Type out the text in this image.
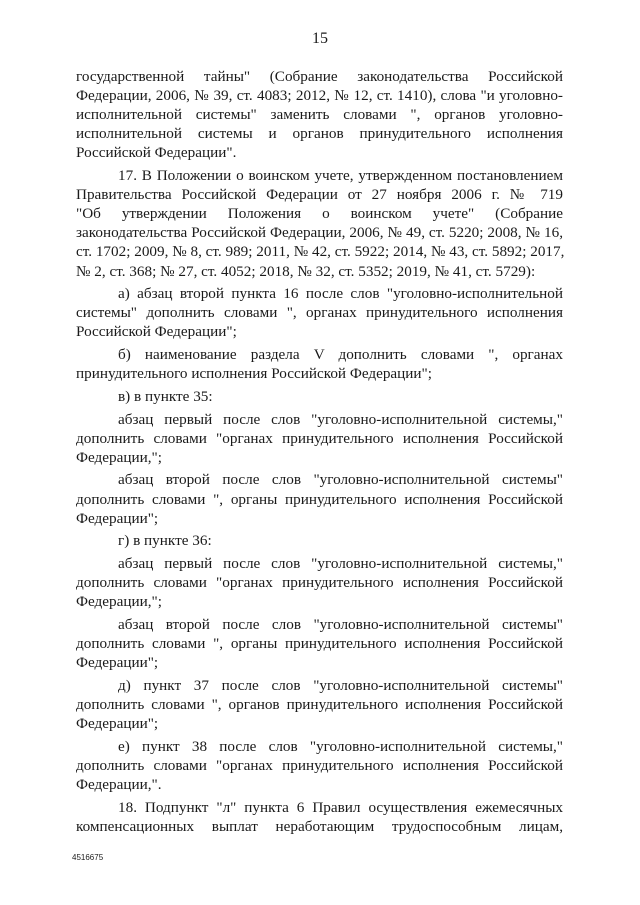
15
государственной тайны" (Собрание законодательства Российской
Федерации, 2006, № 39, ст. 4083; 2012, № 12, ст. 1410), слова "и уголовно-
исполнительной системы" заменить словами ", органов уголовно-
исполнительной системы и органов принудительного исполнения
Российской Федерации".
17. В Положении о воинском учете, утвержденном постановлением
Правительства Российской Федерации от 27 ноября 2006 г. № 719
"Об утверждении Положения о воинском учете" (Собрание
законодательства Российской Федерации, 2006, № 49, ст. 5220; 2008, № 16,
ст. 1702; 2009, № 8, ст. 989; 2011, № 42, ст. 5922; 2014, № 43, ст. 5892; 2017,
№ 2, ст. 368; № 27, ст. 4052; 2018, № 32, ст. 5352; 2019, № 41, ст. 5729):
а) абзац второй пункта 16 после слов "уголовно-исполнительной
системы" дополнить словами ", органах принудительного исполнения
Российской Федерации";
б) наименование раздела V дополнить словами ", органах
принудительного исполнения Российской Федерации";
в) в пункте 35:
абзац первый после слов "уголовно-исполнительной системы,"
дополнить словами "органах принудительного исполнения Российской
Федерации,";
абзац второй после слов "уголовно-исполнительной системы"
дополнить словами ", органы принудительного исполнения Российской
Федерации";
г) в пункте 36:
абзац первый после слов "уголовно-исполнительной системы,"
дополнить словами "органах принудительного исполнения Российской
Федерации,";
абзац второй после слов "уголовно-исполнительной системы"
дополнить словами ", органы принудительного исполнения Российской
Федерации";
д) пункт 37 после слов "уголовно-исполнительной системы"
дополнить словами ", органов принудительного исполнения Российской
Федерации";
е) пункт 38 после слов "уголовно-исполнительной системы,"
дополнить словами "органах принудительного исполнения Российской
Федерации,".
18. Подпункт "л" пункта 6 Правил осуществления ежемесячных
компенсационных выплат неработающим трудоспособным лицам,
4516675
